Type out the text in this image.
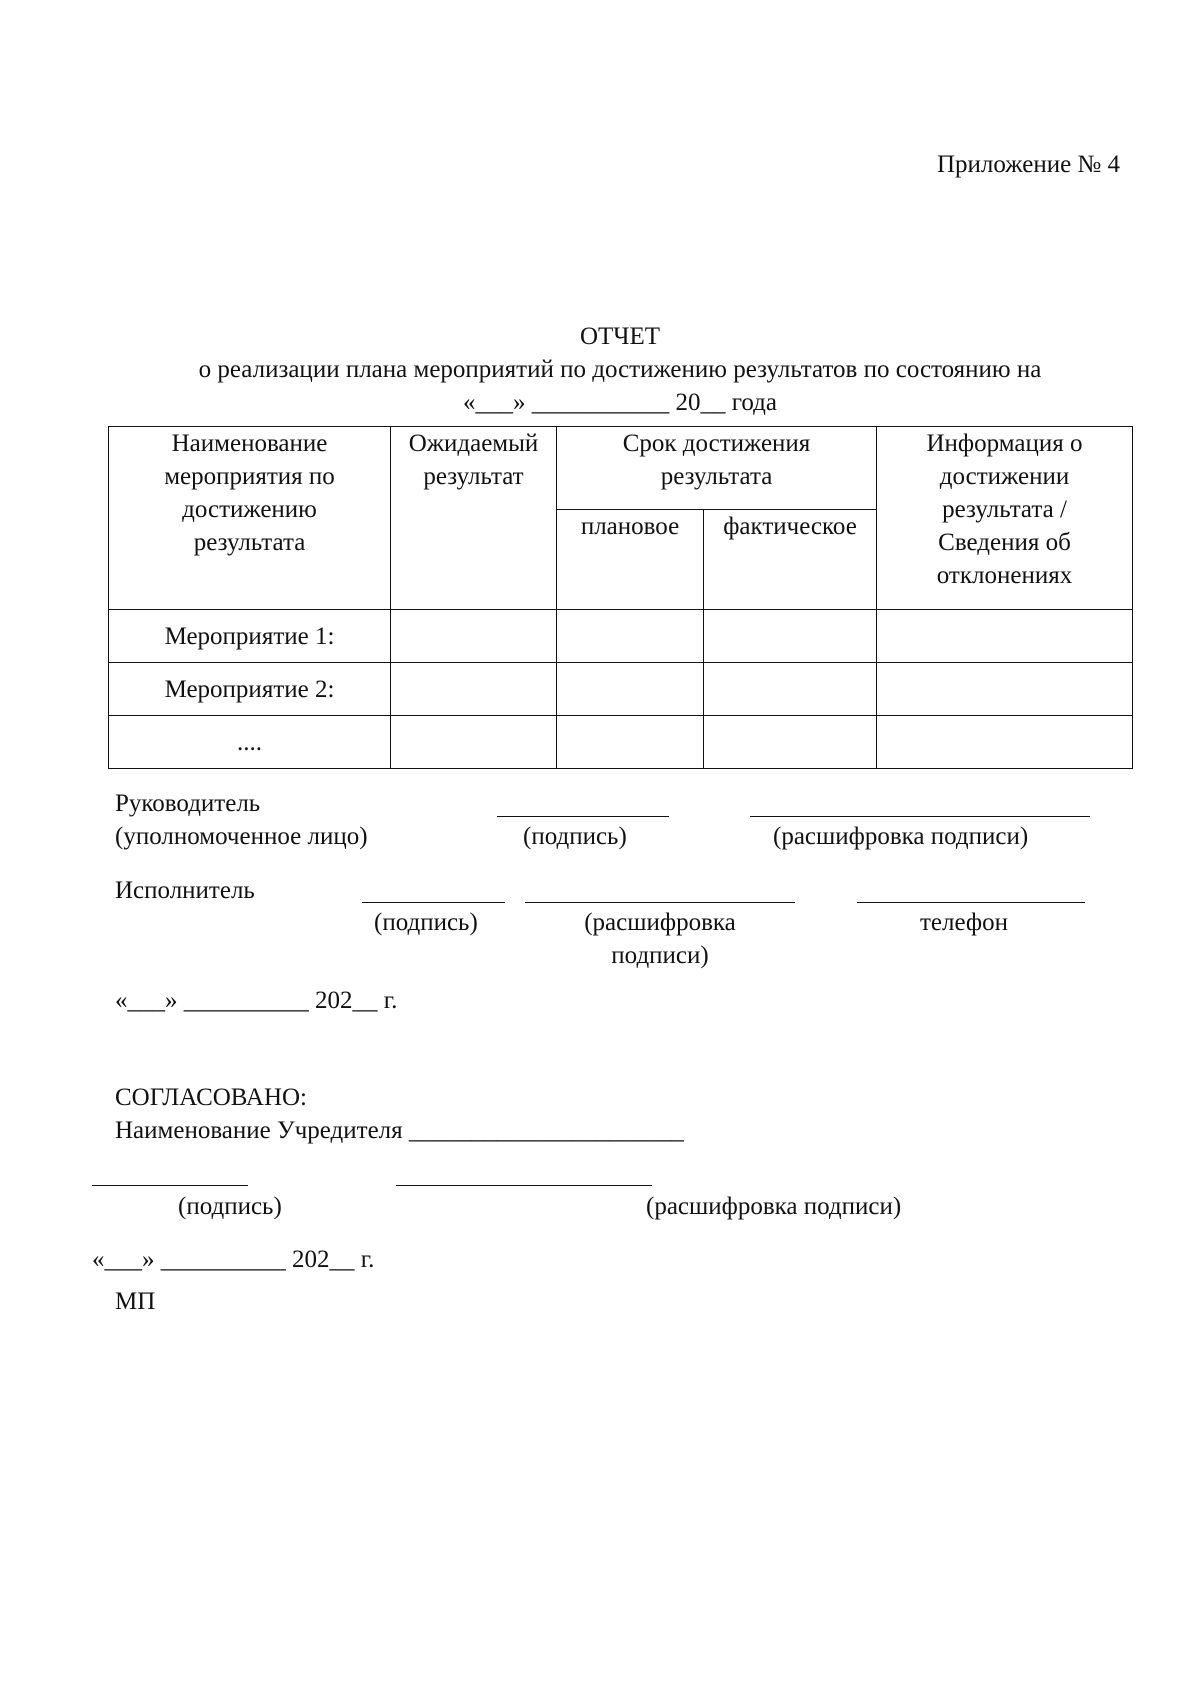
Приложение № 4
ОТЧЕТ
о реализации плана мероприятий по достижению результатов по состоянию на
«___» ___________ 20__ года
Наименование мероприятия по достижению результата	Ожидаемый результат	Срок достижения результата		Информация о достижении результата / Сведения об отклонениях

		плановое	фактическое	
Мероприятие 1:				
Мероприятие 2:				
....				
Руководитель
(уполномоченное лицо)	(подпись)	(расшифровка подписи)
Исполнитель
(подпись)	(расшифровка подписи)
телефон
«___» __________ 202__ г.
СОГЛАСОВАНО:
Наименование Учредителя ______________________
(подпись)	(расшифровка подписи)
«___» __________ 202__ г.
МП
